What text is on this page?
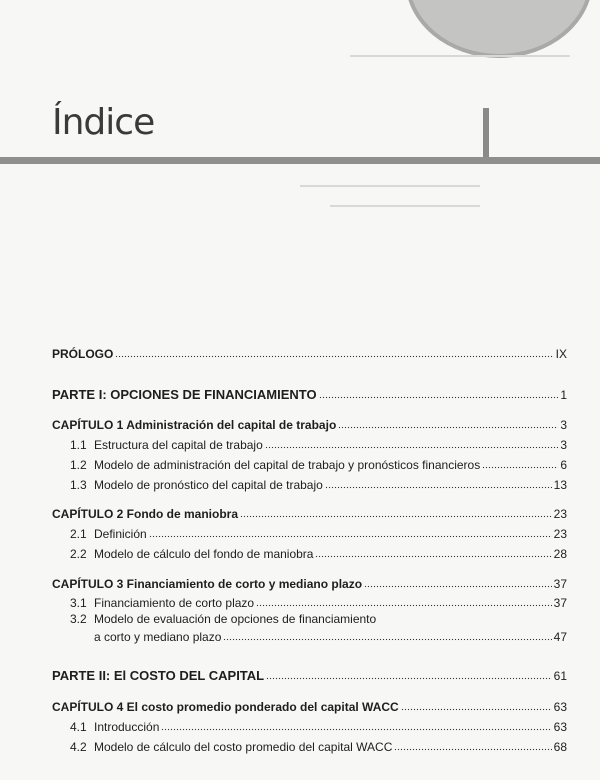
Índice
PRÓLOGO	IX
PARTE I: OPCIONES DE FINANCIAMIENTO	1
CAPÍTULO 1 Administración del capital de trabajo	3
1.1 Estructura del capital de trabajo	3
1.2 Modelo de administración del capital de trabajo y pronósticos financieros	6
1.3 Modelo de pronóstico del capital de trabajo	13
CAPÍTULO 2 Fondo de maniobra	23
2.1 Definición	23
2.2 Modelo de cálculo del fondo de maniobra	28
CAPÍTULO 3 Financiamiento de corto y mediano plazo	37
3.1 Financiamiento de corto plazo	37
3.2 Modelo de evaluación de opciones de financiamiento
a corto y mediano plazo	47
PARTE II: El COSTO DEL CAPITAL	61
CAPÍTULO 4 El costo promedio ponderado del capital WACC	63
4.1 Introducción	63
4.2 Modelo de cálculo del costo promedio del capital WACC	68
